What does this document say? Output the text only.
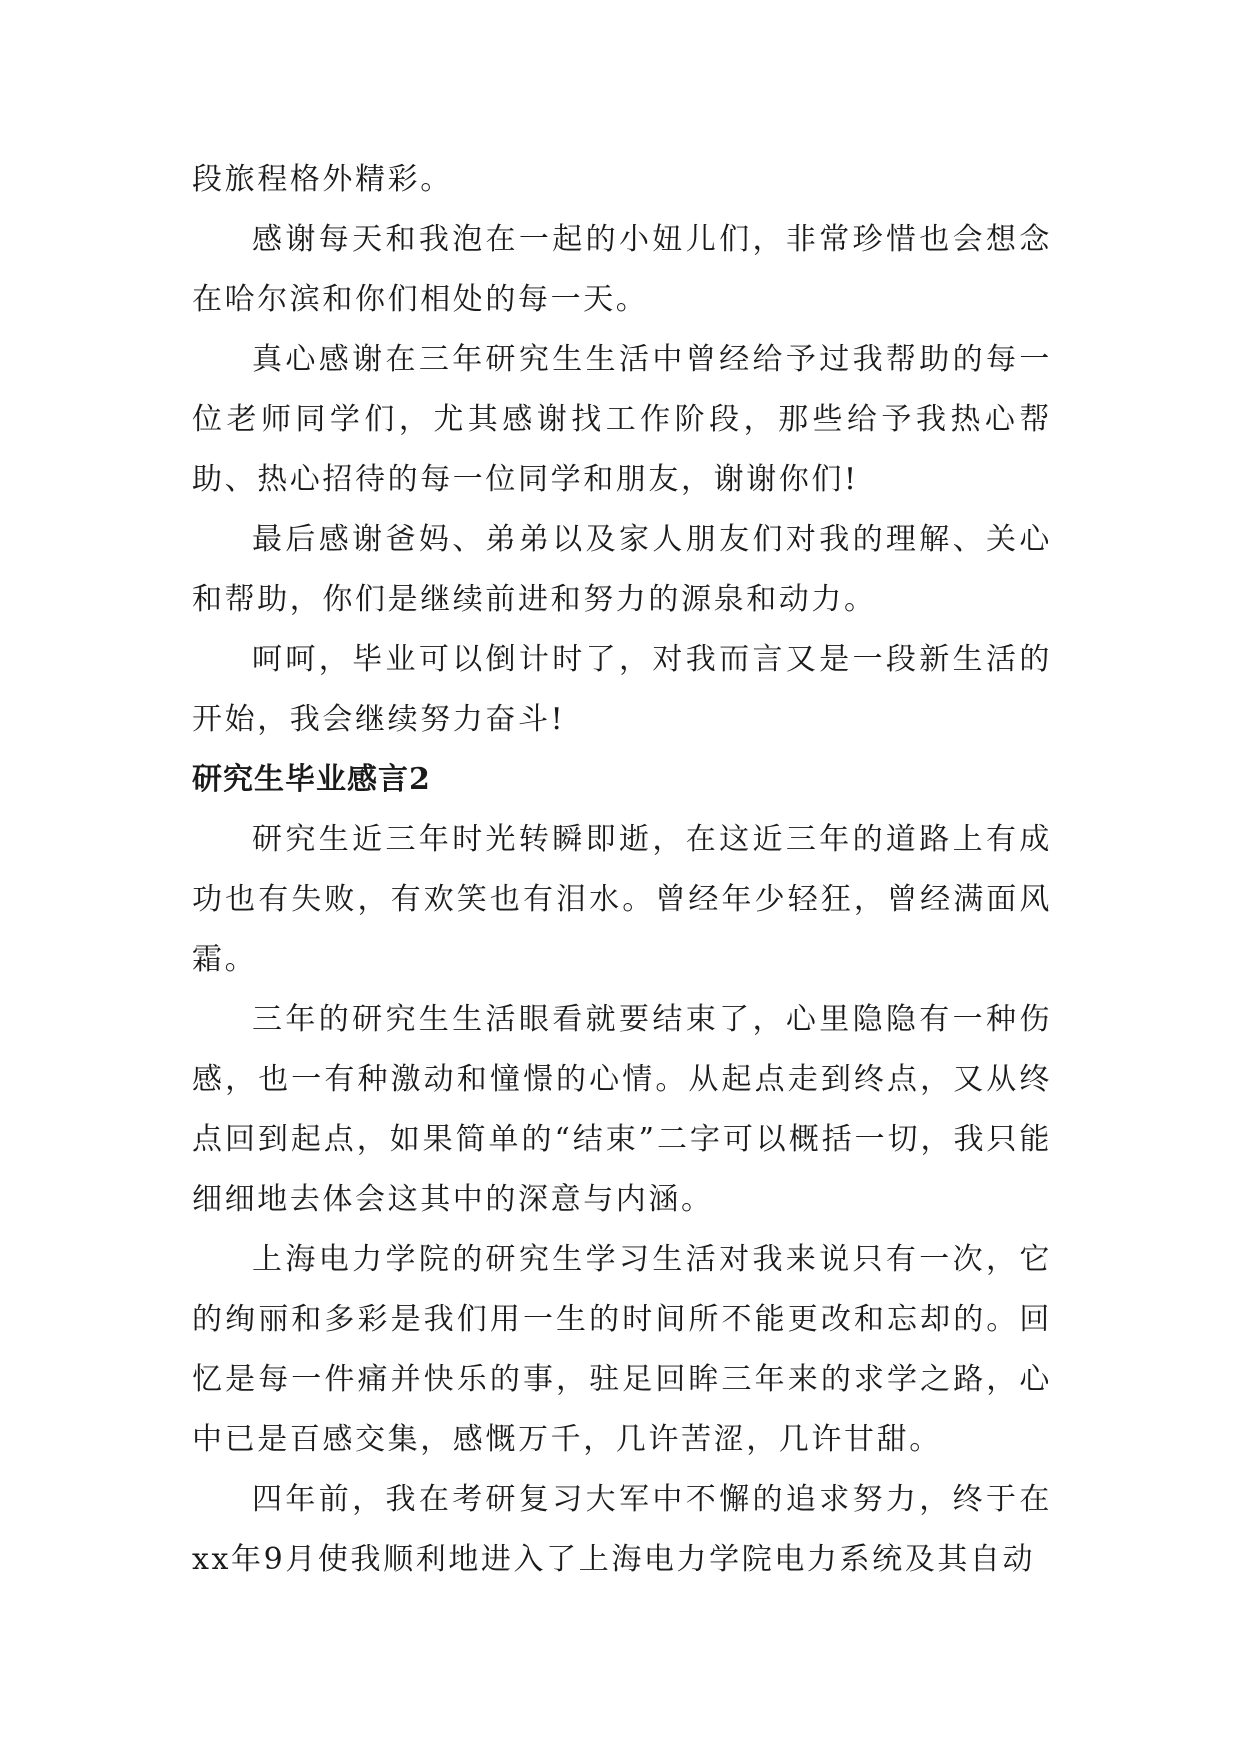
段旅程格外精彩。

感谢每天和我泡在一起的小妞儿们，非常珍惜也会想念在哈尔滨和你们相处的每一天。

真心感谢在三年研究生生活中曾经给予过我帮助的每一位老师同学们，尤其感谢找工作阶段，那些给予我热心帮助、热心招待的每一位同学和朋友，谢谢你们!

最后感谢爸妈、弟弟以及家人朋友们对我的理解、关心和帮助，你们是继续前进和努力的源泉和动力。

呵呵，毕业可以倒计时了，对我而言又是一段新生活的开始，我会继续努力奋斗!

研究生毕业感言2

研究生近三年时光转瞬即逝，在这近三年的道路上有成功也有失败，有欢笑也有泪水。曾经年少轻狂，曾经满面风霜。

三年的研究生生活眼看就要结束了，心里隐隐有一种伤感，也一有种激动和憧憬的心情。从起点走到终点，又从终点回到起点，如果简单的“结束”二字可以概括一切，我只能细细地去体会这其中的深意与内涵。

上海电力学院的研究生学习生活对我来说只有一次，它的绚丽和多彩是我们用一生的时间所不能更改和忘却的。回忆是每一件痛并快乐的事，驻足回眸三年来的求学之路，心中已是百感交集，感慨万千，几许苦涩，几许甘甜。

四年前，我在考研复习大军中不懈的追求努力，终于在xx年9月使我顺利地进入了上海电力学院电力系统及其自动
